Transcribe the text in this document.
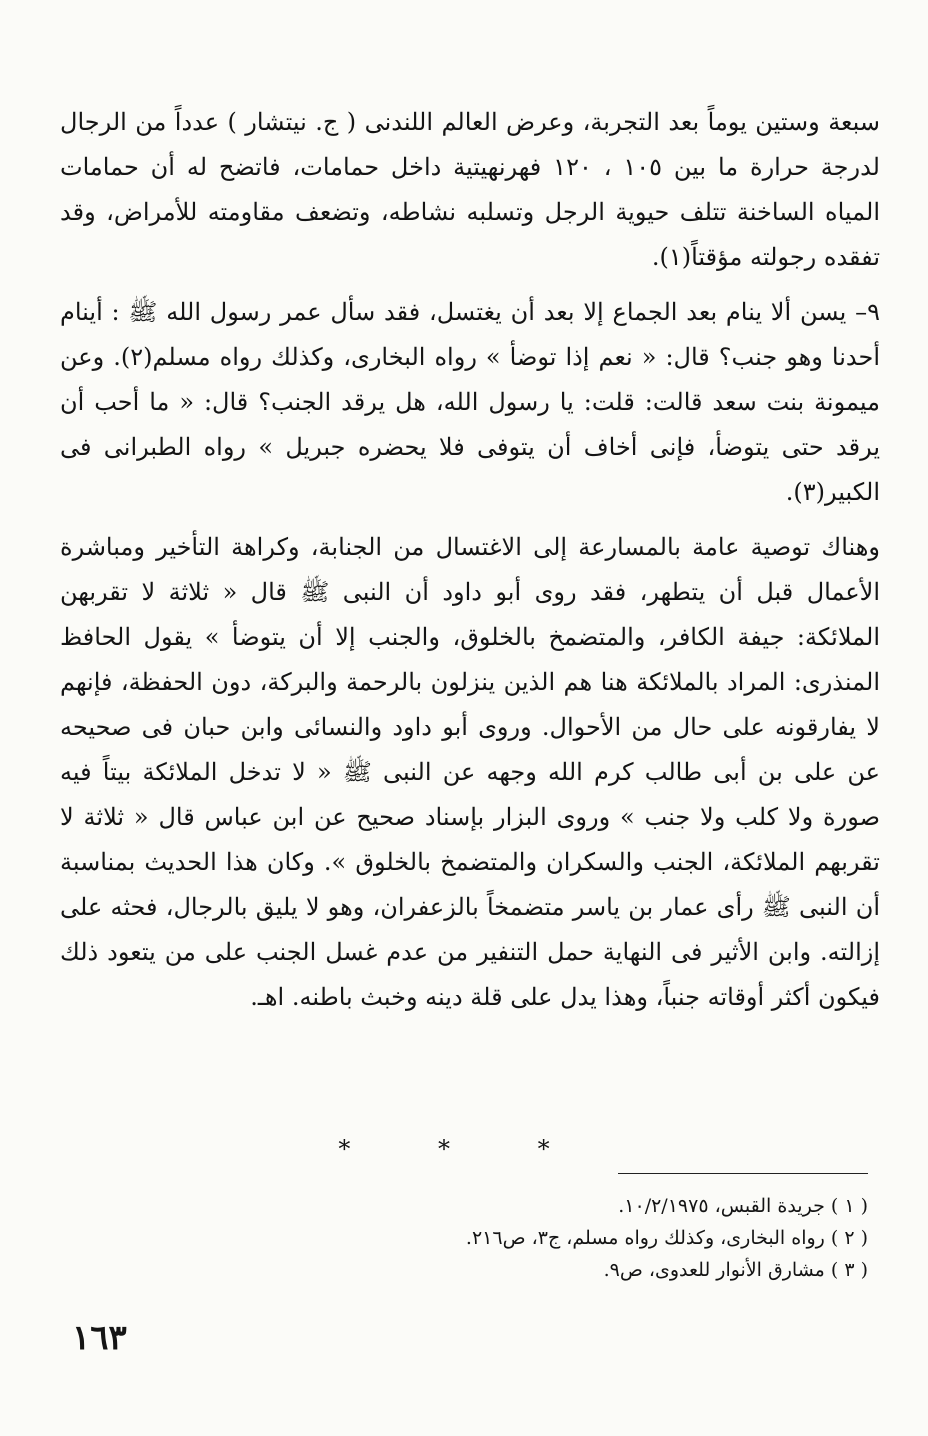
سبعة وستين يوماً بعد التجربة، وعرض العالم اللندنى ( ج. نيتشار ) عدداً من الرجال لدرجة حرارة ما بين ١٠٥ ، ١٢٠ فهرنهيتية داخل حمامات، فاتضح له أن حمامات المياه الساخنة تتلف حيوية الرجل وتسلبه نشاطه، وتضعف مقاومته للأمراض، وقد تفقده رجولته مؤقتاً(١).

٩– يسن ألا ينام بعد الجماع إلا بعد أن يغتسل، فقد سأل عمر رسول الله ﷺ : أينام أحدنا وهو جنب؟ قال: « نعم إذا توضأ » رواه البخارى، وكذلك رواه مسلم(٢). وعن ميمونة بنت سعد قالت: قلت: يا رسول الله، هل يرقد الجنب؟ قال: « ما أحب أن يرقد حتى يتوضأ، فإنى أخاف أن يتوفى فلا يحضره جبريل » رواه الطبرانى فى الكبير(٣).

وهناك توصية عامة بالمسارعة إلى الاغتسال من الجنابة، وكراهة التأخير ومباشرة الأعمال قبل أن يتطهر، فقد روى أبو داود أن النبى ﷺ قال « ثلاثة لا تقربهن الملائكة: جيفة الكافر، والمتضمخ بالخلوق، والجنب إلا أن يتوضأ » يقول الحافظ المنذرى: المراد بالملائكة هنا هم الذين ينزلون بالرحمة والبركة، دون الحفظة، فإنهم لا يفارقونه على حال من الأحوال. وروى أبو داود والنسائى وابن حبان فى صحيحه عن على بن أبى طالب كرم الله وجهه عن النبى ﷺ « لا تدخل الملائكة بيتاً فيه صورة ولا كلب ولا جنب » وروى البزار بإسناد صحيح عن ابن عباس قال « ثلاثة لا تقربهم الملائكة، الجنب والسكران والمتضمخ بالخلوق ». وكان هذا الحديث بمناسبة أن النبى ﷺ رأى عمار بن ياسر متضمخاً بالزعفران، وهو لا يليق بالرجال، فحثه على إزالته. وابن الأثير فى النهاية حمل التنفير من عدم غسل الجنب على من يتعود ذلك فيكون أكثر أوقاته جنباً، وهذا يدل على قلة دينه وخبث باطنه. اهـ.

* * *

( ١ ) جريدة القبس، ١٠/٢/١٩٧٥.

( ٢ ) رواه البخارى، وكذلك رواه مسلم، ج٣، ص٢١٦.

( ٣ ) مشارق الأنوار للعدوى، ص٩.

١٦٣
